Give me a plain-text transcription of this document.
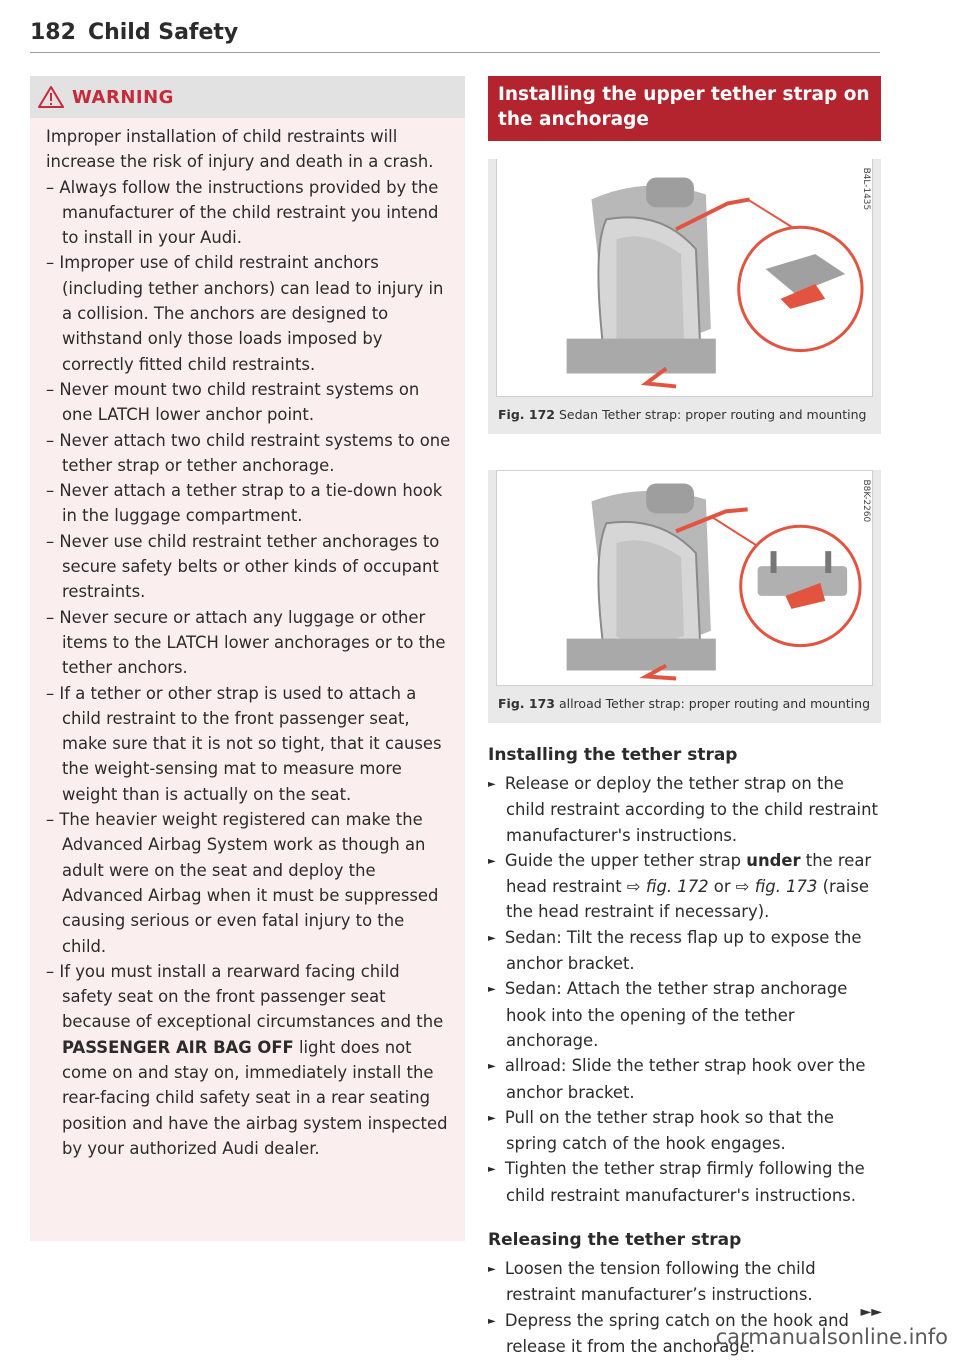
182 Child Safety
WARNING

Improper installation of child restraints will increase the risk of injury and death in a crash.

– Always follow the instructions provided by the manufacturer of the child restraint you intend to install in your Audi.
– Improper use of child restraint anchors (including tether anchors) can lead to injury in a collision. The anchors are designed to withstand only those loads imposed by correctly fitted child restraints.
– Never mount two child restraint systems on one LATCH lower anchor point.
– Never attach two child restraint systems to one tether strap or tether anchorage.
– Never attach a tether strap to a tie-down hook in the luggage compartment.
– Never use child restraint tether anchorages to secure safety belts or other kinds of occupant restraints.
– Never secure or attach any luggage or other items to the LATCH lower anchorages or to the tether anchors.
– If a tether or other strap is used to attach a child restraint to the front passenger seat, make sure that it is not so tight, that it causes the weight-sensing mat to measure more weight than is actually on the seat.
– The heavier weight registered can make the Advanced Airbag System work as though an adult were on the seat and deploy the Advanced Airbag when it must be suppressed causing serious or even fatal injury to the child.
– If you must install a rearward facing child safety seat on the front passenger seat because of exceptional circumstances and the PASSENGER AIR BAG OFF light does not come on and stay on, immediately install the rear-facing child safety seat in a rear seating position and have the airbag system inspected by your authorized Audi dealer.
Installing the upper tether strap on the anchorage
B4L-1435
Fig. 172 Sedan Tether strap: proper routing and mounting
B8K-2260
Fig. 173 allroad Tether strap: proper routing and mounting
Installing the tether strap
► Release or deploy the tether strap on the child restraint according to the child restraint manufacturer's instructions.
► Guide the upper tether strap under the rear head restraint ⇨ fig. 172 or ⇨ fig. 173 (raise the head restraint if necessary).
► Sedan: Tilt the recess flap up to expose the anchor bracket.
► Sedan: Attach the tether strap anchorage hook into the opening of the tether anchorage.
► allroad: Slide the tether strap hook over the anchor bracket.
► Pull on the tether strap hook so that the spring catch of the hook engages.
► Tighten the tether strap firmly following the child restraint manufacturer's instructions.
Releasing the tether strap
► Loosen the tension following the child restraint manufacturer’s instructions.
► Depress the spring catch on the hook and release it from the anchorage.
►►
carmanualsonline.info
